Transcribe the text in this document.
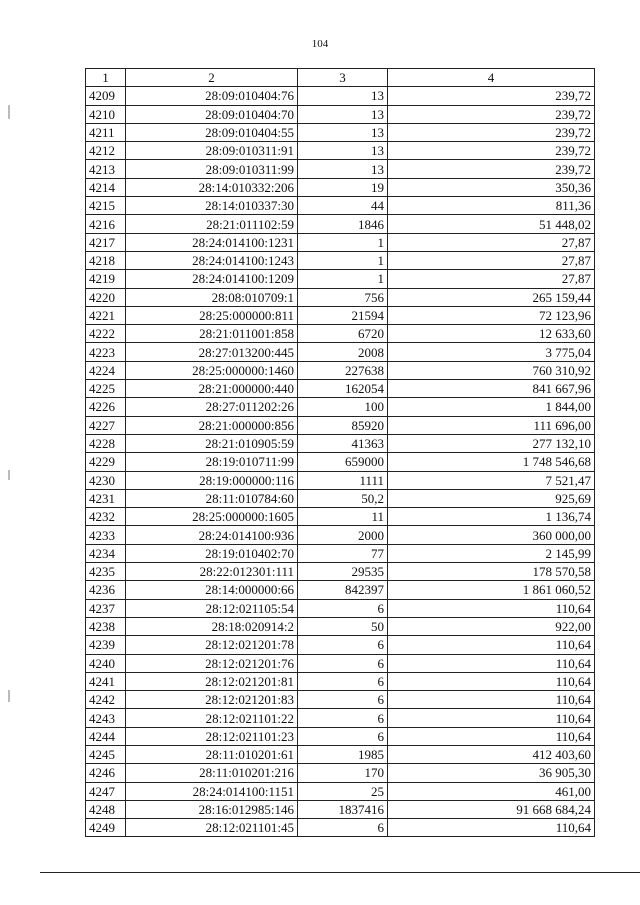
104
1	2	3	4
4209	28:09:010404:76	13	239,72
4210	28:09:010404:70	13	239,72
4211	28:09:010404:55	13	239,72
4212	28:09:010311:91	13	239,72
4213	28:09:010311:99	13	239,72
4214	28:14:010332:206	19	350,36
4215	28:14:010337:30	44	811,36
4216	28:21:011102:59	1846	51 448,02
4217	28:24:014100:1231	1	27,87
4218	28:24:014100:1243	1	27,87
4219	28:24:014100:1209	1	27,87
4220	28:08:010709:1	756	265 159,44
4221	28:25:000000:811	21594	72 123,96
4222	28:21:011001:858	6720	12 633,60
4223	28:27:013200:445	2008	3 775,04
4224	28:25:000000:1460	227638	760 310,92
4225	28:21:000000:440	162054	841 667,96
4226	28:27:011202:26	100	1 844,00
4227	28:21:000000:856	85920	111 696,00
4228	28:21:010905:59	41363	277 132,10
4229	28:19:010711:99	659000	1 748 546,68
4230	28:19:000000:116	1111	7 521,47
4231	28:11:010784:60	50,2	925,69
4232	28:25:000000:1605	11	1 136,74
4233	28:24:014100:936	2000	360 000,00
4234	28:19:010402:70	77	2 145,99
4235	28:22:012301:111	29535	178 570,58
4236	28:14:000000:66	842397	1 861 060,52
4237	28:12:021105:54	6	110,64
4238	28:18:020914:2	50	922,00
4239	28:12:021201:78	6	110,64
4240	28:12:021201:76	6	110,64
4241	28:12:021201:81	6	110,64
4242	28:12:021201:83	6	110,64
4243	28:12:021101:22	6	110,64
4244	28:12:021101:23	6	110,64
4245	28:11:010201:61	1985	412 403,60
4246	28:11:010201:216	170	36 905,30
4247	28:24:014100:1151	25	461,00
4248	28:16:012985:146	1837416	91 668 684,24
4249	28:12:021101:45	6	110,64
